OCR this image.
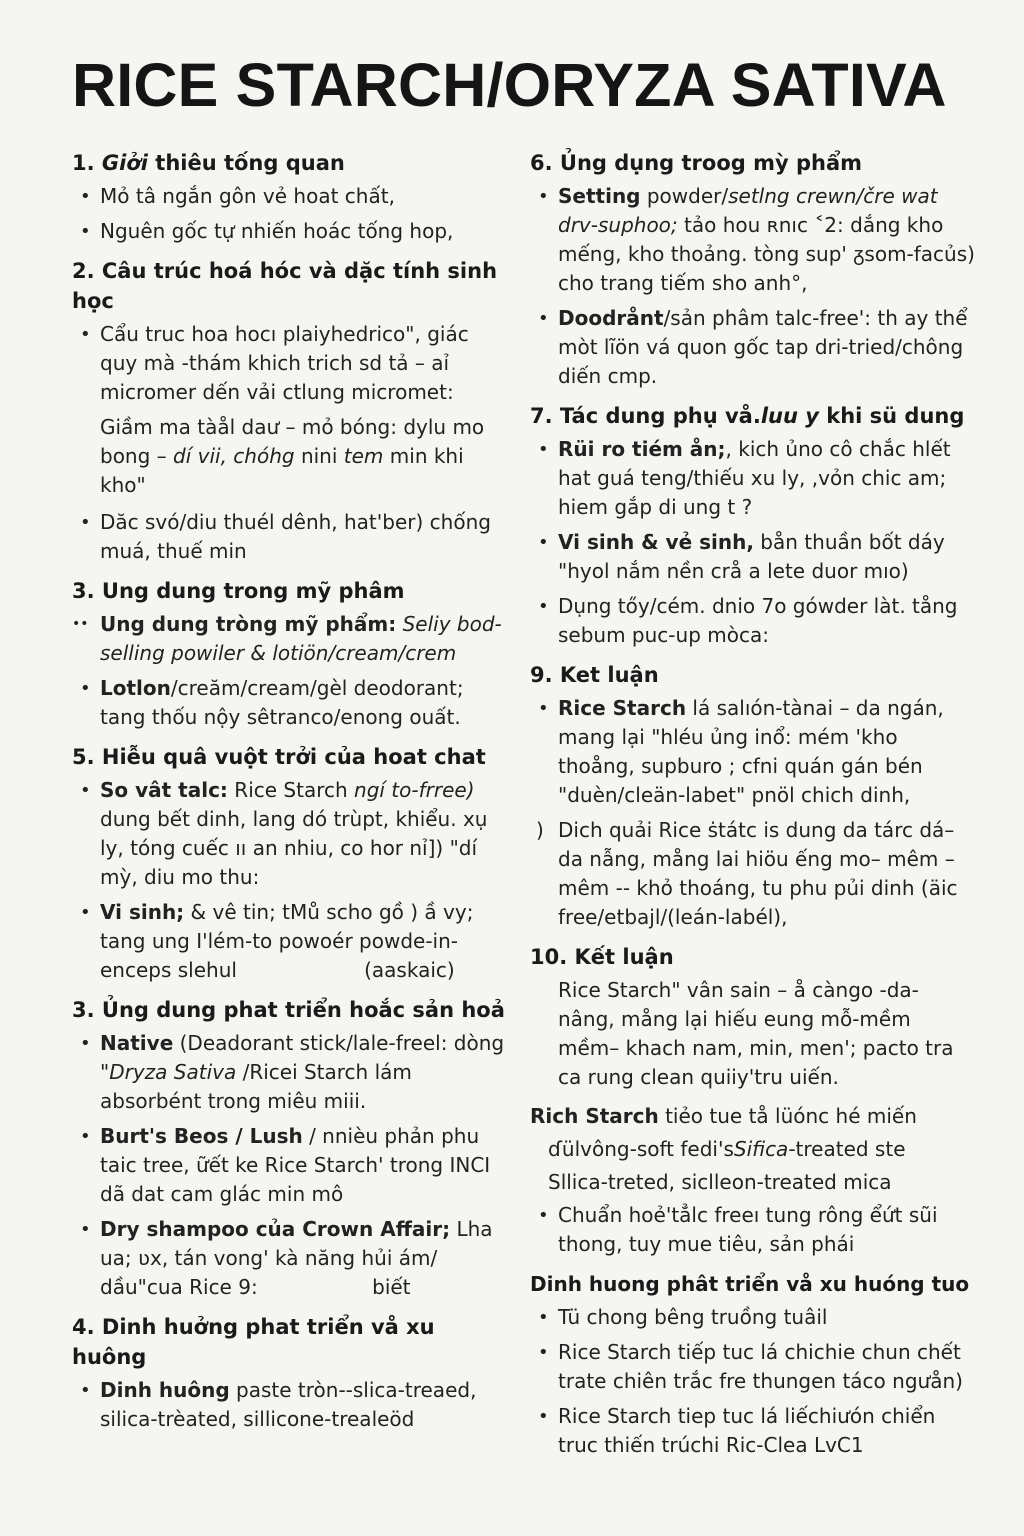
RICE STARCH/ORYZA SATIVA
1. Giởi thiêu tống quan
• Mỏ tâ ngắn gôn vẻ hoat chất,
• Nguên gốc tự nhiến hoác tống hop,
2. Câu trúc hoá hóc và dặc tính sinh học
• Cẩu truc hoa hocı plaiyhedrico", giác quy mà -thám khich trich sd tả – aỉ micromer dến vải ctlung micromet:
Giầm ma tàål daư – mỏ bóng: dylu mo bong – dí vii, chóhg nini tem min khi kho"
• Dăc svó/diu thuél dênh, hat'ber) chống muá, thuế min
3. Ung dung trong mỹ phâm
•• Ung dung tròng mỹ phẩm: Seliy bod-selling powiler & lotiön/cream/crem
• Lotlon/creăm/cream/gèl deodorant; tang thốu nộy sêtranco/enong ouất.
5. Hiễu quâ vuột trởi của hoat chat
• So vât talc: Rice Starch ngí to-frree) dung bết dinh, lang dó trùpt, khiểu. xụ ly, tóng cuếc ıı an nhiu, co hor nỉ]) "dí mỳ, diu mo thu:
• Vi sinh; & vê tin; tMů scho gồ ) ầ vy; tang ung I'lém-to powoér powde-in-enceps slehul	(aaskaic)
3. Ủng dung phat triển hoắc sản hoả
• Native (Deadorant stick/lale-freel: dòng "Dryza Sativa /Ricei Starch lám absorbént trong miêu miii.
• Burt's Beos / Lush / nnièu phản phu taic tree, ữết ke Rice Starch' trong INCI dã dat cam glác min mô
• Dry shampoo của Crown Affair; Lha ua; ʋx, tán vong' kà năng hủi ám/ dầu"cua Rice 9:	biết
4. Dinh huởng phat triển vå xu huông
• Dinh huông paste tròn--slica-treaed, silica-trèated, sillicone-trealeöd
6. Ủng dụng troog mỳ phẩm
• Setting powder/setlng crewn/čre wat drv-suphoo; tảo hou ʀnıc ˂2: dắng kho mếng, kho thoảng. tòng sup' ᵹsom-facủs) cho trang tiếm sho anh°,
• Doodrånt/sản phâm talc-free': th ay thể mòt lĩön vá quon gốc tap dri-tried/chông diến cmp.
7. Tác dung phụ vå.luu y khi sü dung
• Rüi ro tiém ån;, kich ủno cô chắc hlết hat guá teng/thiếu xu ly, ,vỏn chic am; hiem gắp di ung t ?
• Vi sinh & vẻ sinh, bån thuần bốt dáy "hyol nắm nền crå a lete duor mıo)
• Dụng tőy/cém. dnio 7o gówder làt. tång sebum puc-up mòca:
9. Ket luận
• Rice Starch lá salıón-tànai – da ngán, mang lại "hléu ủng inổ: mém 'kho thoång, supburo ; cfni quán gán bén "duèn/cleän-labet" pnöl chich dinh,
) Dich quải Rice ṡtátc is dung da tárc dá–da nẫng, mång lai hiöu ếng mo– mêm – mêm -- khỏ thoáng, tu phu pủi dinh (äic free/etbajl/(leán-labél),
10. Kết luận
Rice Starch" vân sain – å càngo -da-nâng, mång lại hiếu eung mỗ-mềm mềm– khach nam, min, men'; pacto tra ca rung clean quiiy'tru uiến.
Rich Starch tiẻo tue tå lüónc hé miến
ɗülvông-soft fedi'sSifica-treated ste
Sllica-treted, siclleon-treated mica
• Chuẩn hoẻ'tẳlc freeı tung rông ểứt sũi thong, tuy mue tiêu, sản phái
Dinh huong phât triển vå xu huóng tuo
• Tü chong bêng truồng tuâil
• Rice Starch tiếp tuc lá chichie chun chết trate chiên trắc fre thungen táco ngưån)
• Rice Starch tiep tuc lá liếchiưón chiển truc thiến trúchi Ric-Clea LvC1
